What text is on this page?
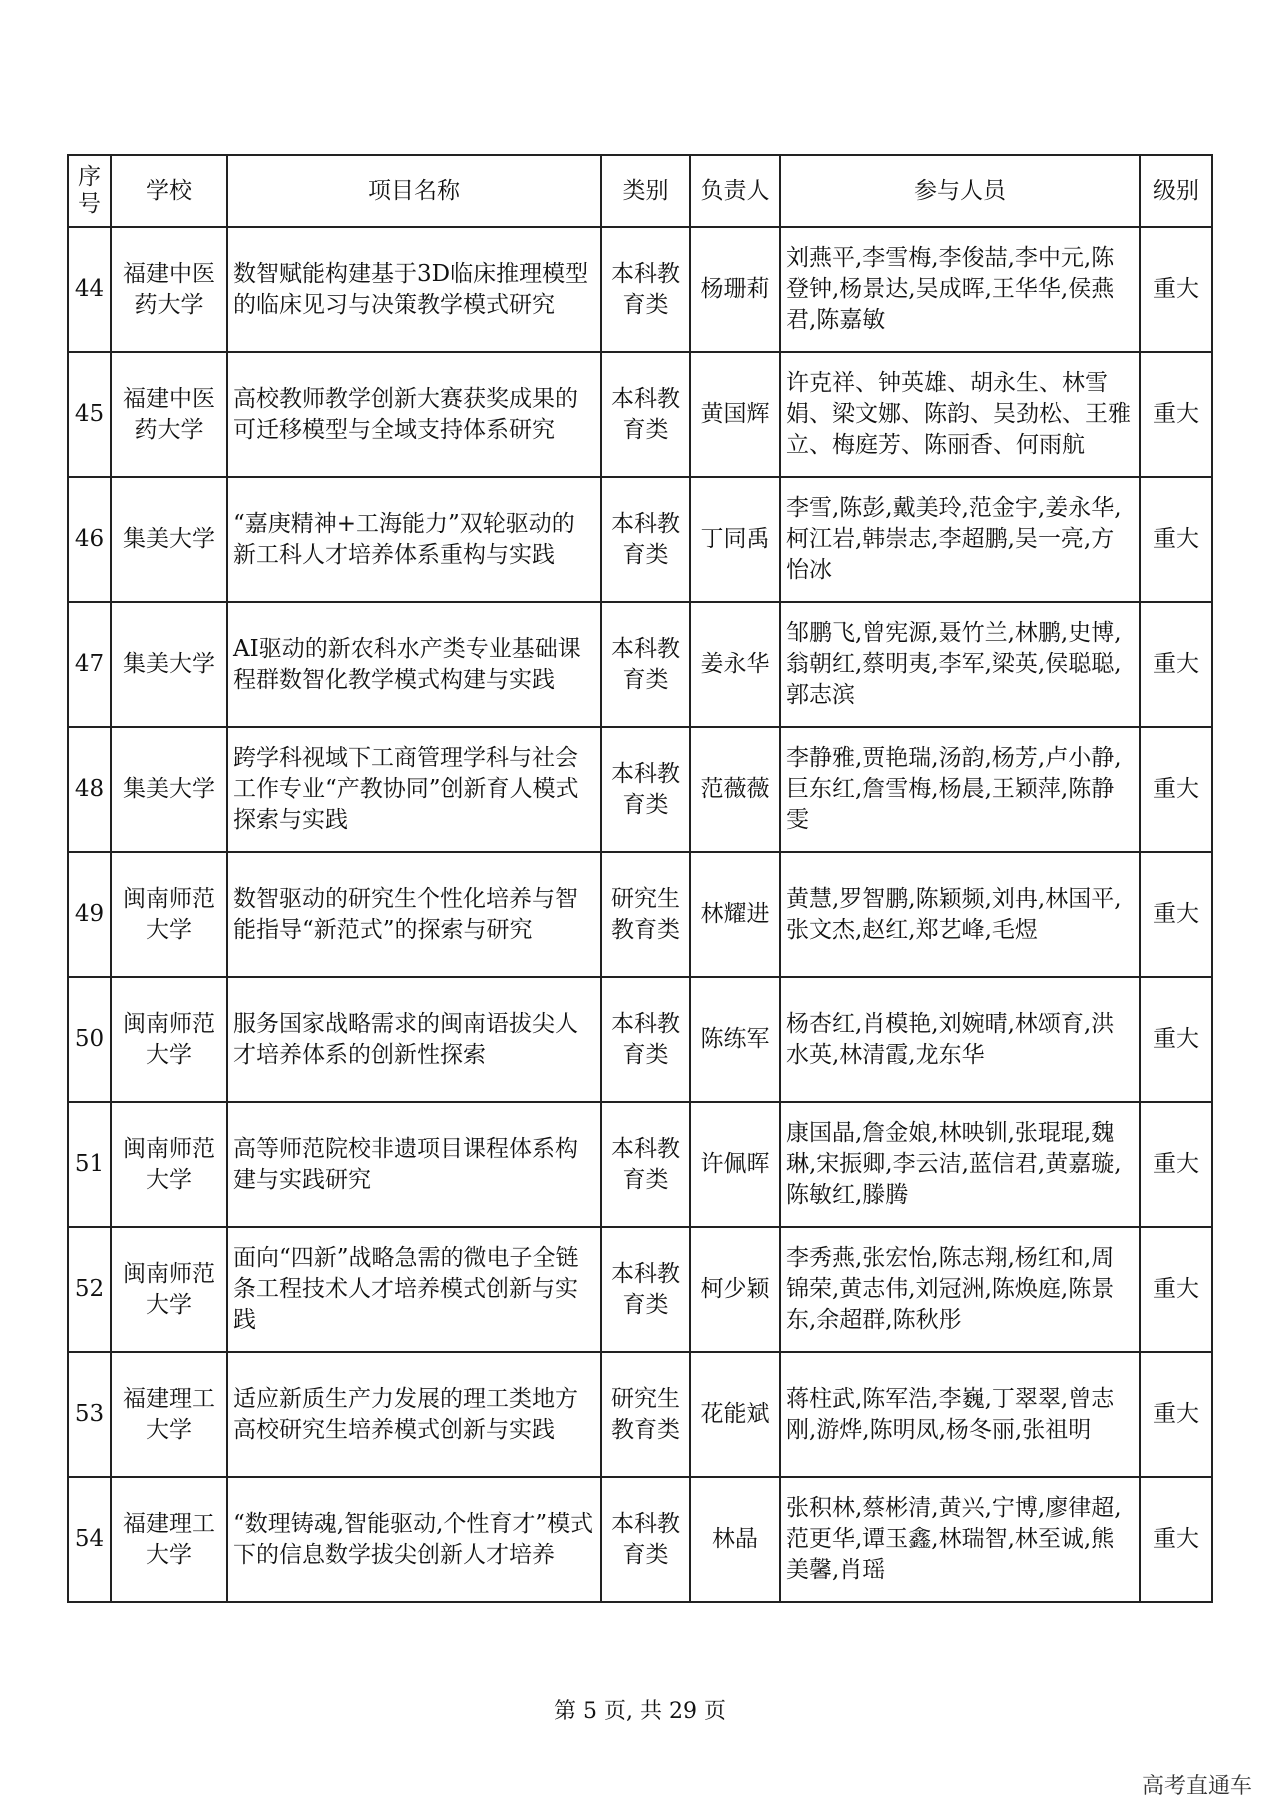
序号	学校	项目名称	类别	负责人	参与人员	级别
44	福建中医药大学	数智赋能构建基于3D临床推理模型的临床见习与决策教学模式研究	本科教育类	杨珊莉	刘燕平,李雪梅,李俊喆,李中元,陈登钟,杨景达,吴成晖,王华华,侯燕君,陈嘉敏	重大
45	福建中医药大学	高校教师教学创新大赛获奖成果的可迁移模型与全域支持体系研究	本科教育类	黄国辉	许克祥、钟英雄、胡永生、林雪娟、梁文娜、陈韵、吴劲松、王雅立、梅庭芳、陈丽香、何雨航	重大
46	集美大学	“嘉庚精神+工海能力”双轮驱动的新工科人才培养体系重构与实践	本科教育类	丁同禹	李雪,陈彭,戴美玲,范金宇,姜永华,柯江岩,韩崇志,李超鹏,吴一亮,方怡冰	重大
47	集美大学	AI驱动的新农科水产类专业基础课程群数智化教学模式构建与实践	本科教育类	姜永华	邹鹏飞,曾宪源,聂竹兰,林鹏,史博,翁朝红,蔡明夷,李军,梁英,侯聪聪,郭志滨	重大
48	集美大学	跨学科视域下工商管理学科与社会工作专业“产教协同”创新育人模式探索与实践	本科教育类	范薇薇	李静雅,贾艳瑞,汤韵,杨芳,卢小静,巨东红,詹雪梅,杨晨,王颖萍,陈静雯	重大
49	闽南师范大学	数智驱动的研究生个性化培养与智能指导“新范式”的探索与研究	研究生教育类	林耀进	黄慧,罗智鹏,陈颖频,刘冉,林国平,张文杰,赵红,郑艺峰,毛煜	重大
50	闽南师范大学	服务国家战略需求的闽南语拔尖人才培养体系的创新性探索	本科教育类	陈练军	杨杏红,肖模艳,刘婉晴,林颂育,洪水英,林清霞,龙东华	重大
51	闽南师范大学	高等师范院校非遗项目课程体系构建与实践研究	本科教育类	许佩晖	康国晶,詹金娘,林映钏,张琨琨,魏琳,宋振卿,李云洁,蓝信君,黄嘉璇,陈敏红,滕腾	重大
52	闽南师范大学	面向“四新”战略急需的微电子全链条工程技术人才培养模式创新与实践	本科教育类	柯少颖	李秀燕,张宏怡,陈志翔,杨红和,周锦荣,黄志伟,刘冠洲,陈焕庭,陈景东,余超群,陈秋彤	重大
53	福建理工大学	适应新质生产力发展的理工类地方高校研究生培养模式创新与实践	研究生教育类	花能斌	蒋柱武,陈军浩,李巍,丁翠翠,曾志刚,游烨,陈明凤,杨冬丽,张祖明	重大
54	福建理工大学	“数理铸魂,智能驱动,个性育才”模式下的信息数学拔尖创新人才培养	本科教育类	林晶	张积林,蔡彬清,黄兴,宁博,廖律超,范更华,谭玉鑫,林瑞智,林至诚,熊美馨,肖瑶	重大
第 5 页, 共 29 页
高考直通车
